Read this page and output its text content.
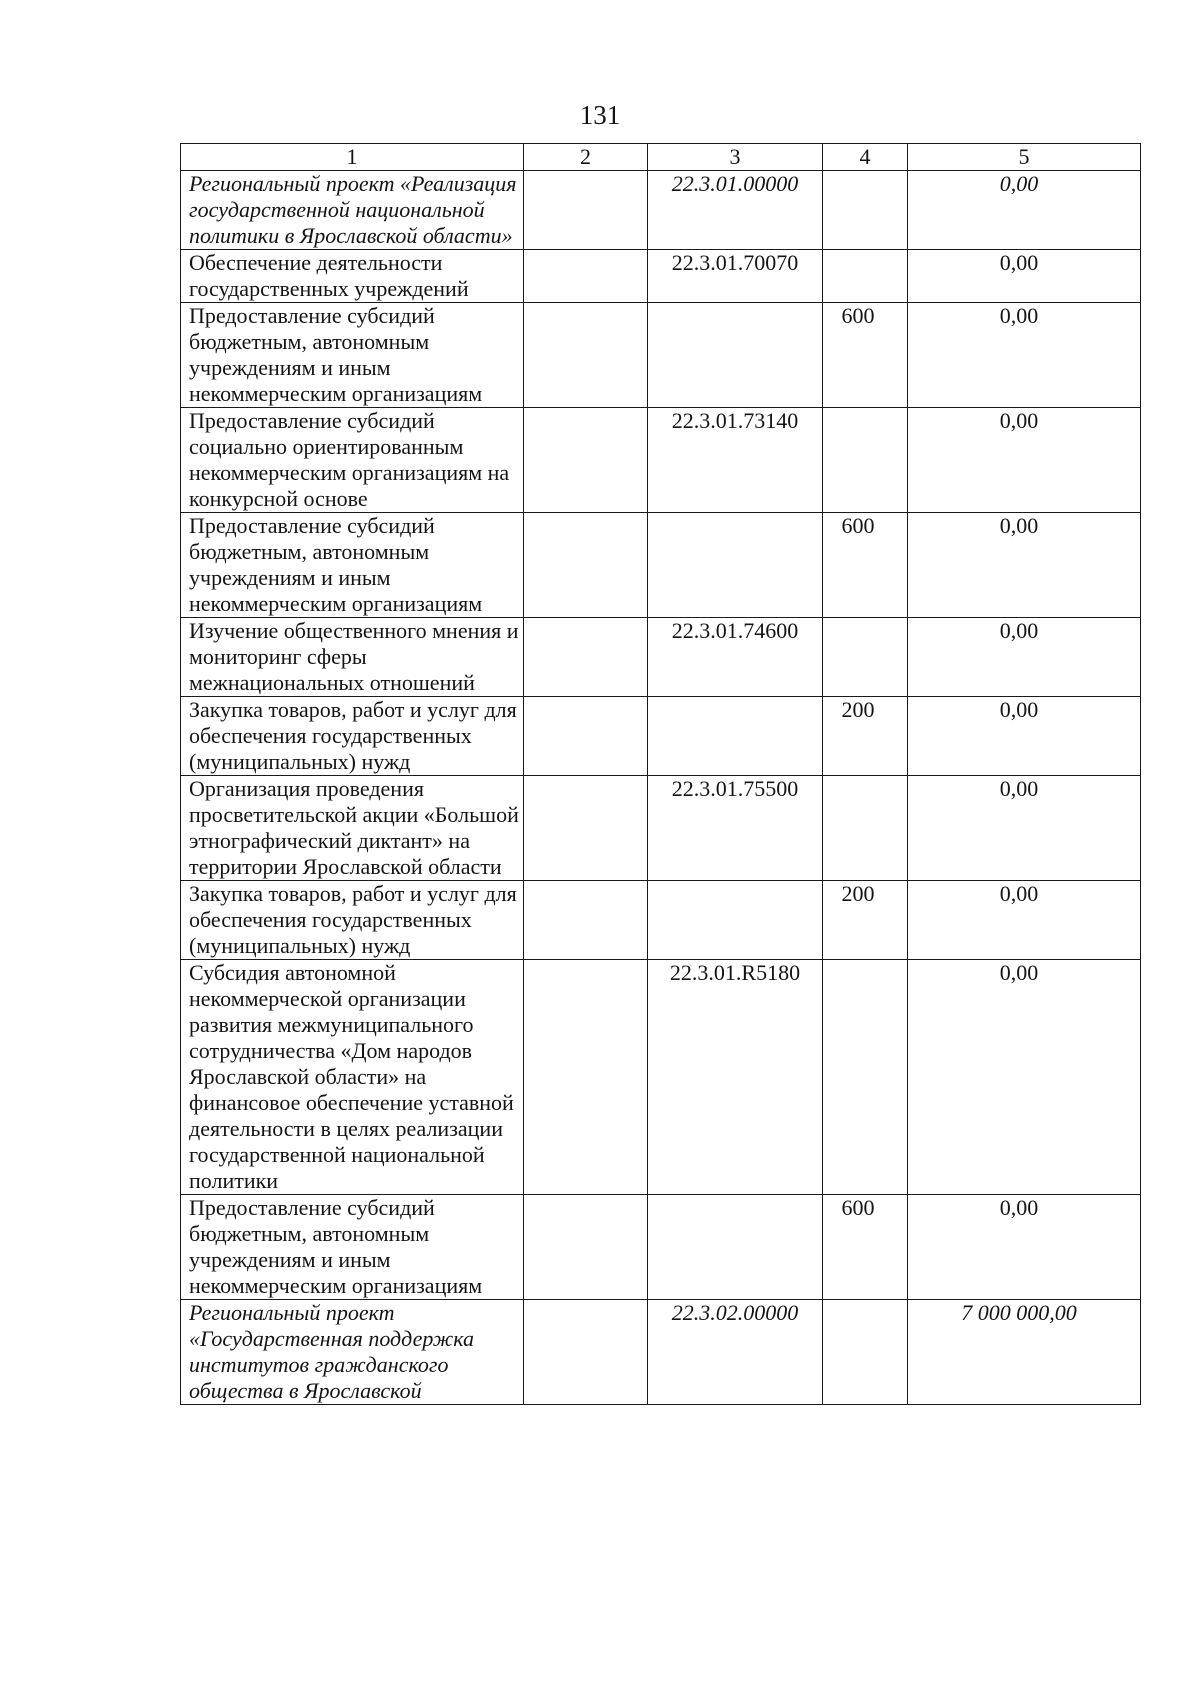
131
1	2	3	4	5
Региональный проект «Реализация государственной национальной политики в Ярославской области»		22.3.01.00000		0,00
Обеспечение деятельности государственных учреждений		22.3.01.70070		0,00
Предоставление субсидий бюджетным, автономным учреждениям и иным некоммерческим организациям			600	0,00
Предоставление субсидий социально ориентированным некоммерческим организациям на конкурсной основе		22.3.01.73140		0,00
Предоставление субсидий бюджетным, автономным учреждениям и иным некоммерческим организациям			600	0,00
Изучение общественного мнения и мониторинг сферы межнациональных отношений		22.3.01.74600		0,00
Закупка товаров, работ и услуг для обеспечения государственных (муниципальных) нужд			200	0,00
Организация проведения просветительской акции «Большой этнографический диктант» на территории Ярославской области		22.3.01.75500		0,00
Закупка товаров, работ и услуг для обеспечения государственных (муниципальных) нужд			200	0,00
Субсидия автономной некоммерческой организации развития межмуниципального сотрудничества «Дом народов Ярославской области» на финансовое обеспечение уставной деятельности в целях реализации государственной национальной политики		22.3.01.R5180		0,00
Предоставление субсидий бюджетным, автономным учреждениям и иным некоммерческим организациям			600	0,00
Региональный проект «Государственная поддержка институтов гражданского общества в Ярославской		22.3.02.00000		7 000 000,00
